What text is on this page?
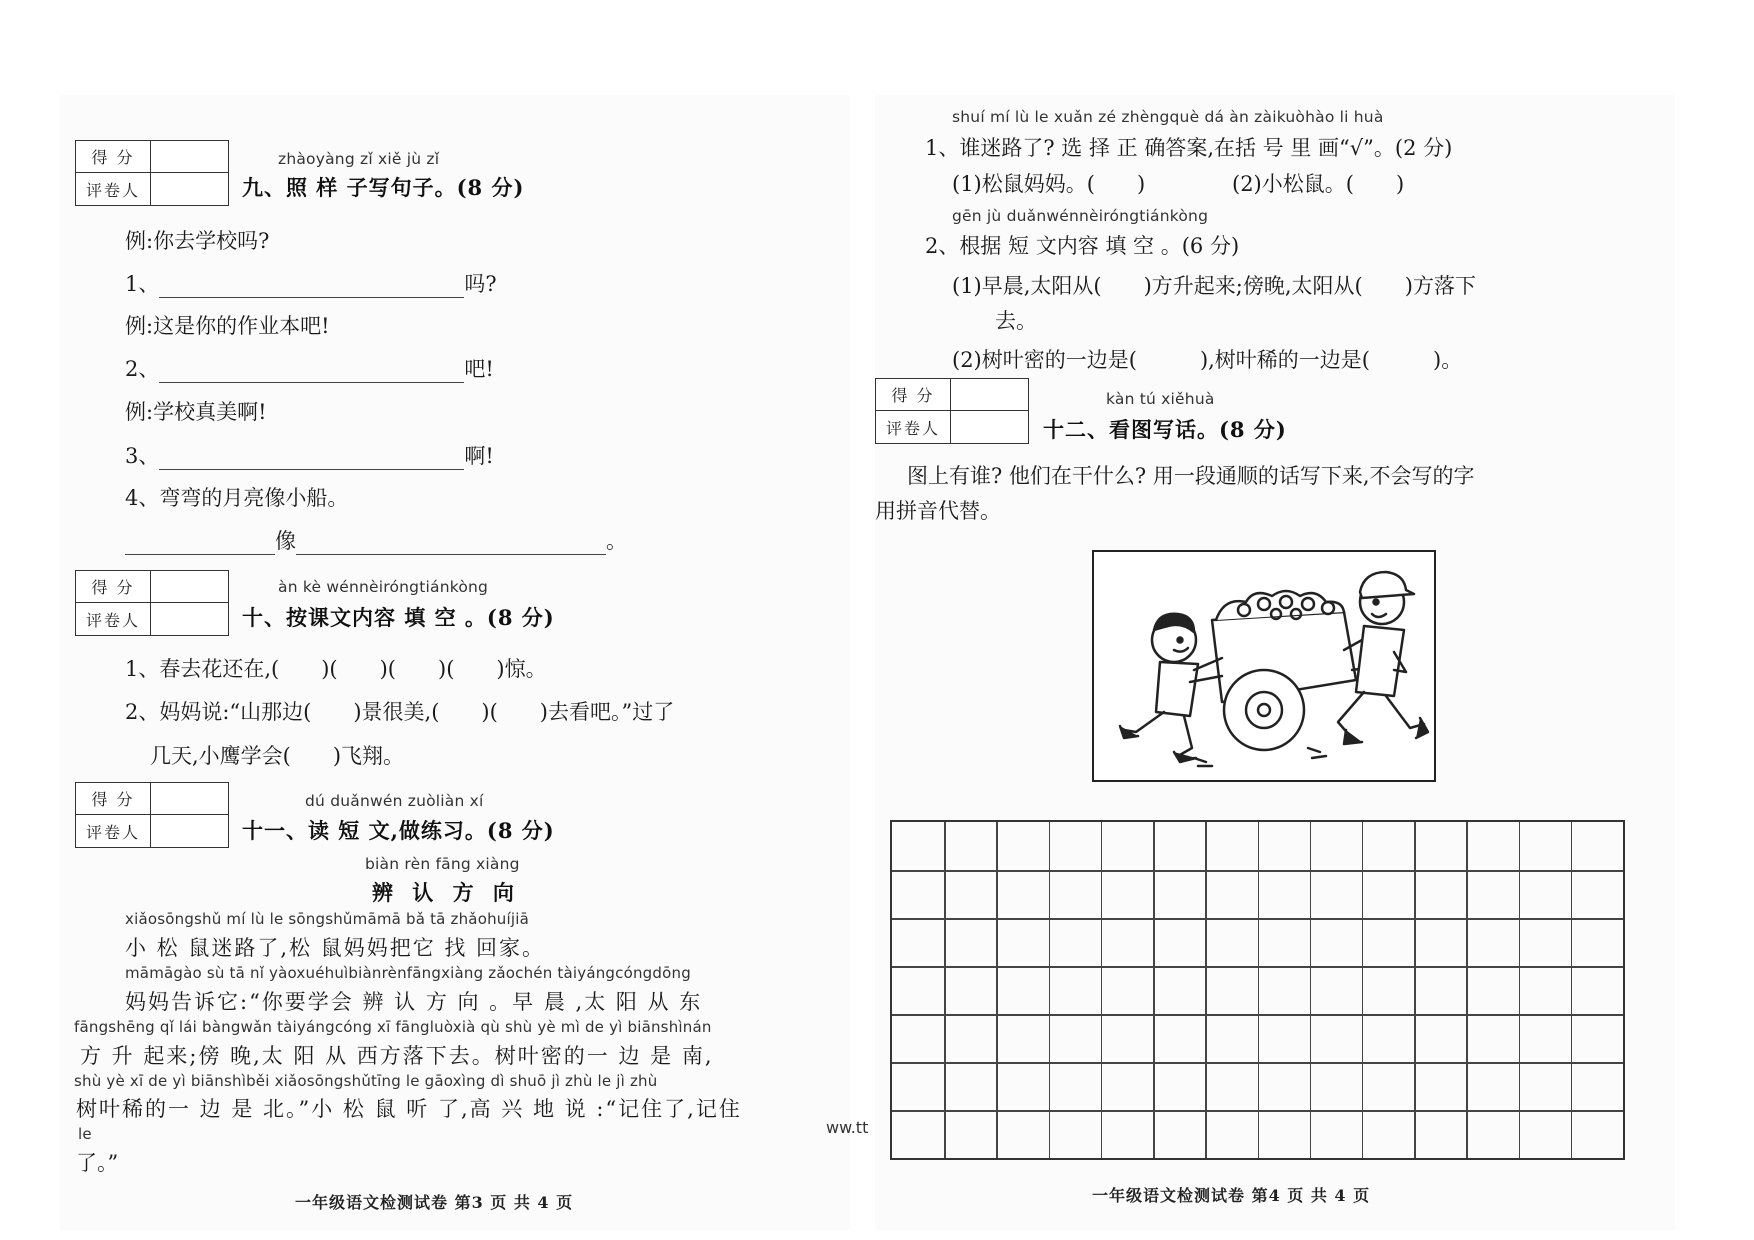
得 分
评卷人
zhàoyàng zǐ xiě jù zǐ
九、照 样 子写句子。(8 分)
例:你去学校吗?
1、	吗?
例:这是你的作业本吧!
2、	吧!
例:学校真美啊!
3、	啊!
4、弯弯的月亮像小船。
像	。
得 分
评卷人
àn kè wénnèiróngtiánkòng
十、按课文内容 填 空 。(8 分)
1、春去花还在,(　　)(　　)(　　)(　　)惊。
2、妈妈说:“山那边(　　)景很美,(　　)(　　)去看吧。”过了
几天,小鹰学会(　　)飞翔。
得 分
评卷人
dú duǎnwén zuòliàn xí
十一、读 短 文,做练习。(8 分)
biàn rèn fāng xiàng
辨 认 方 向
xiǎosōngshǔ mí lù le sōngshǔmāmā bǎ tā zhǎohuíjiā
小 松 鼠迷路了,松 鼠妈妈把它 找 回家。
māmāgào sù tā nǐ yàoxuéhuìbiànrènfāngxiàng zǎochén tàiyángcóngdōng
妈妈告诉它:“你要学会 辨 认 方 向 。早 晨 ,太 阳 从 东
fāngshēng qǐ lái bàngwǎn tàiyángcóng xī fāngluòxià qù shù yè mì de yì biānshìnán
方 升 起来;傍 晚,太 阳 从 西方落下去。树叶密的一 边 是 南,
shù yè xī de yì biānshìběi xiǎosōngshǔtīng le gāoxìng dì shuō jì zhù le jì zhù
树叶稀的一 边 是 北。”小 松 鼠 听 了,高 兴 地 说 :“记住了,记住
le
了。”
一年级语文检测试卷 第3 页 共 4 页
ww.tt
shuí mí lù le xuǎn zé zhèngquè dá àn zàikuòhào li huà
1、谁迷路了? 选 择 正 确答案,在括 号 里 画“√”。(2 分)
(1)松鼠妈妈。(　　)	(2)小松鼠。(　　)
gēn jù duǎnwénnèiróngtiánkòng
2、根据 短 文内容 填 空 。(6 分)
(1)早晨,太阳从(　　)方升起来;傍晚,太阳从(　　)方落下
去。
(2)树叶密的一边是(　　　),树叶稀的一边是(　　　)。
得 分
评卷人
kàn tú xiěhuà
十二、看图写话。(8 分)
图上有谁? 他们在干什么? 用一段通顺的话写下来,不会写的字
用拼音代替。
一年级语文检测试卷 第4 页 共 4 页
